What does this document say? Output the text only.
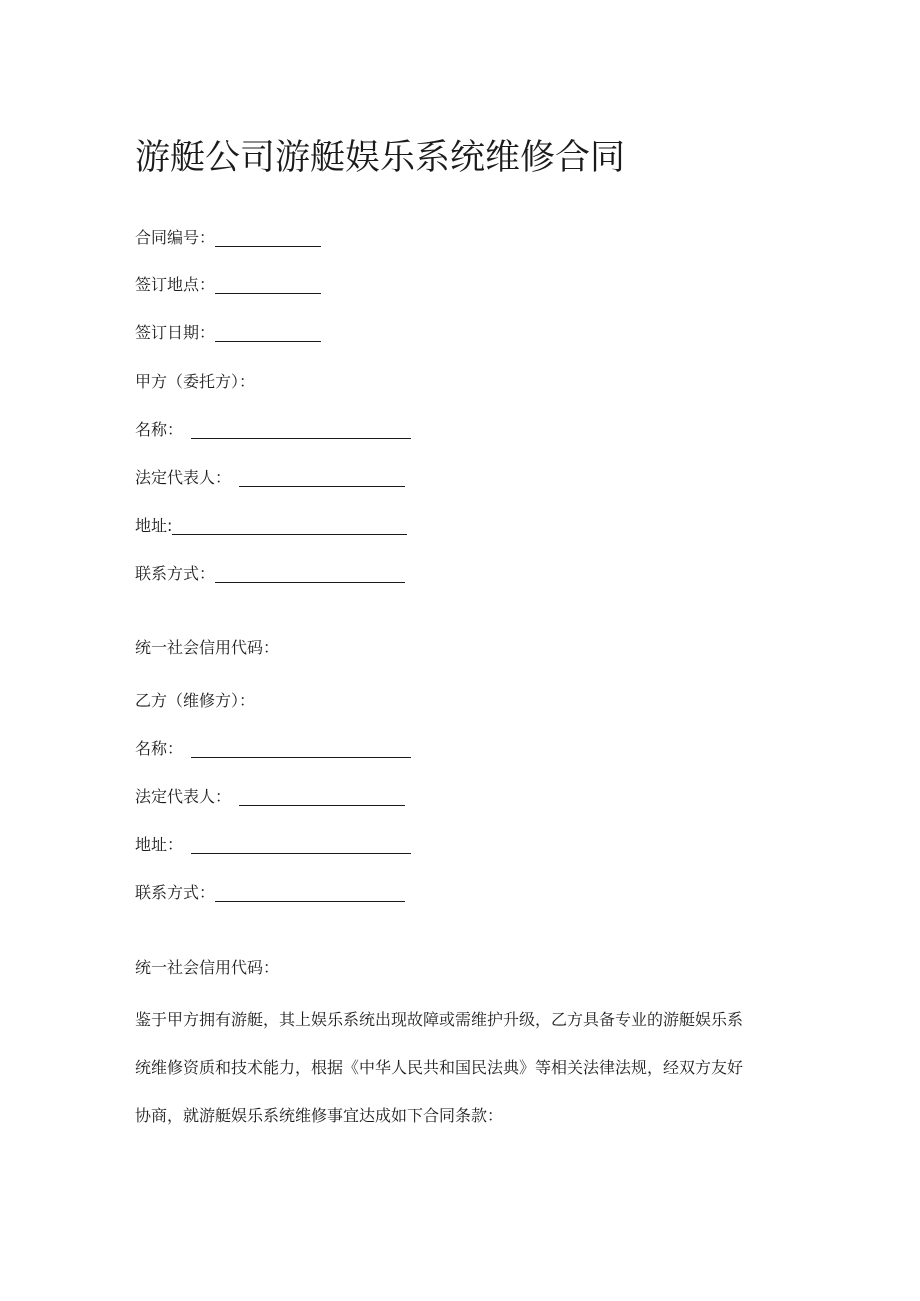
游艇公司游艇娱乐系统维修合同
合同编号：
签订地点：
签订日期：
甲方（委托方）：
名称：
法定代表人：
地址:
联系方式：
统一社会信用代码：
乙方（维修方）：
名称：
法定代表人：
地址：
联系方式：
统一社会信用代码：
鉴于甲方拥有游艇，其上娱乐系统出现故障或需维护升级，乙方具备专业的游艇娱乐系
统维修资质和技术能力，根据《中华人民共和国民法典》等相关法律法规，经双方友好
协商，就游艇娱乐系统维修事宜达成如下合同条款：
